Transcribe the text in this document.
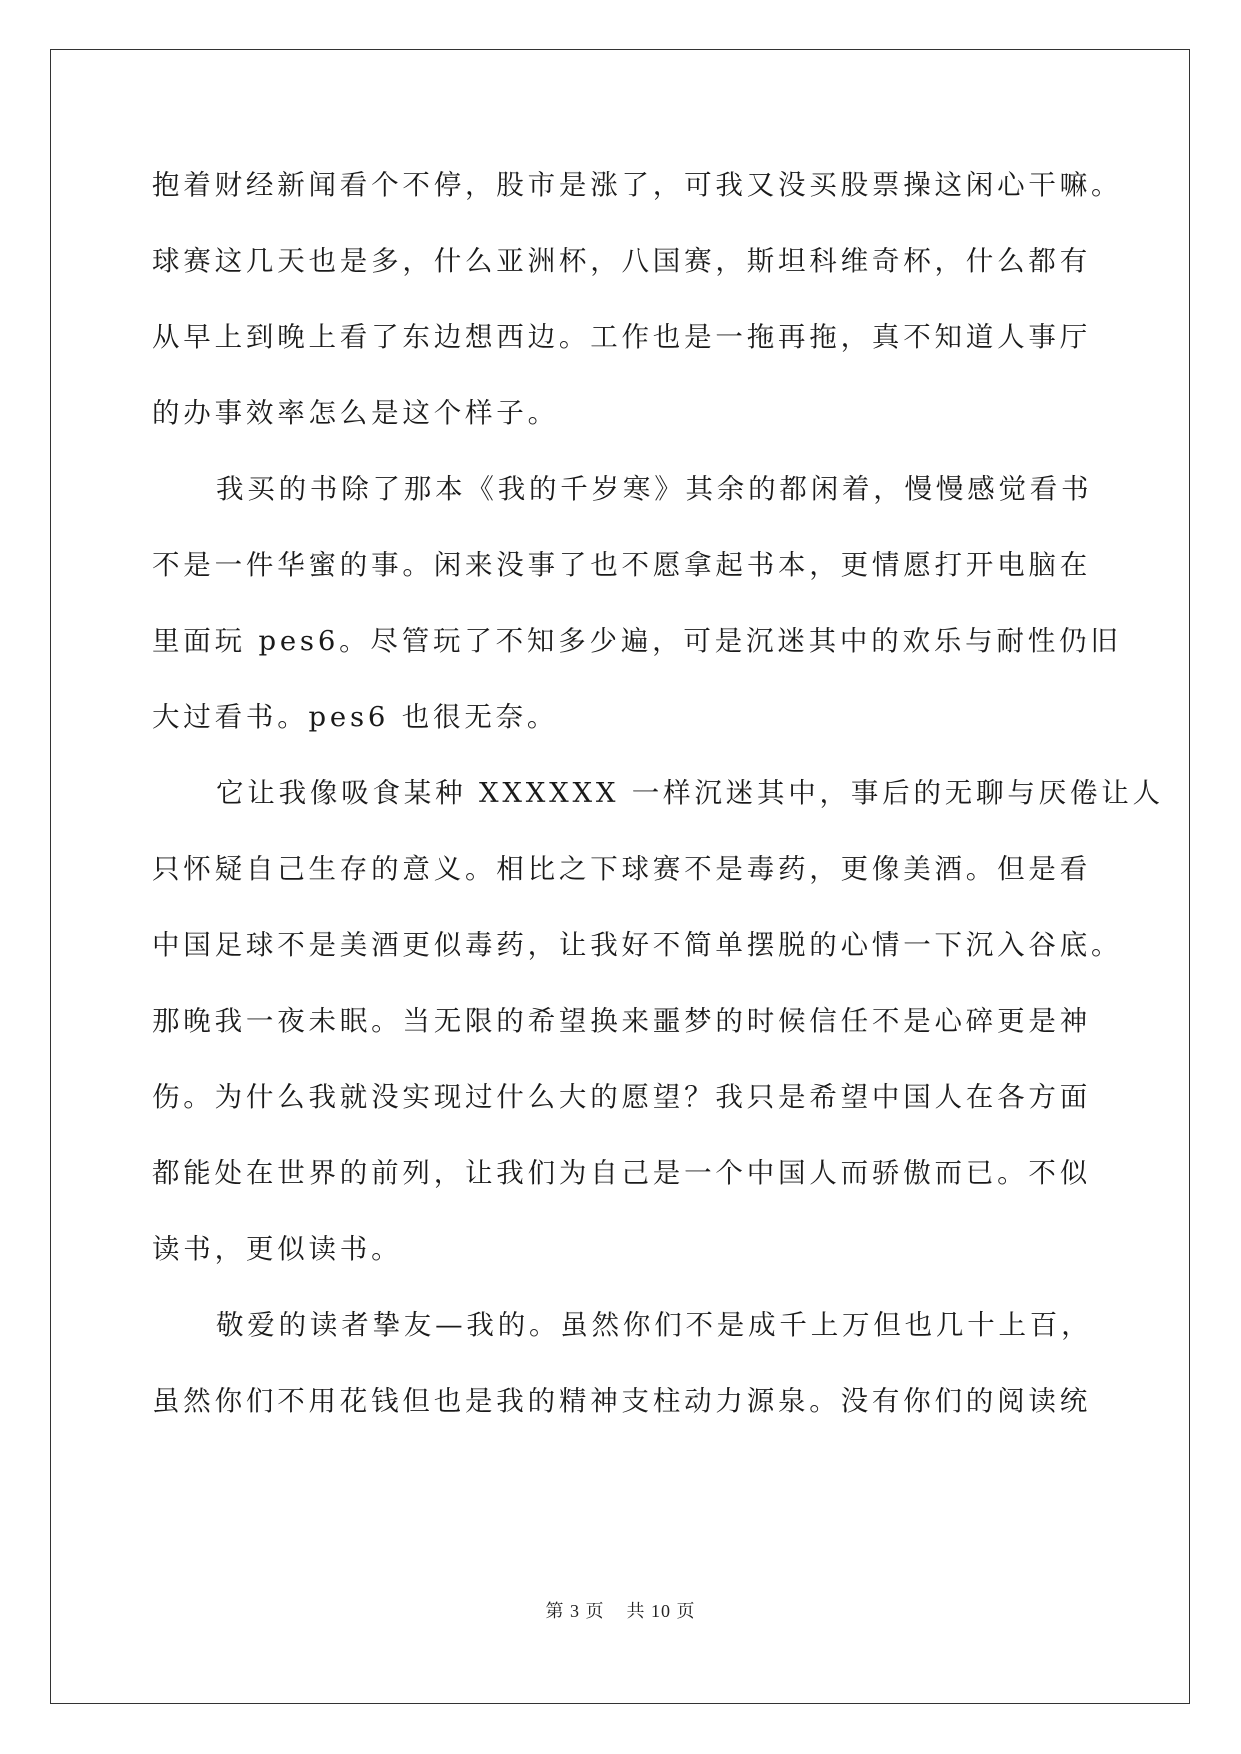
抱着财经新闻看个不停，股市是涨了，可我又没买股票操这闲心干嘛。
球赛这几天也是多，什么亚洲杯，八国赛，斯坦科维奇杯，什么都有
从早上到晚上看了东边想西边。工作也是一拖再拖，真不知道人事厅
的办事效率怎么是这个样子。
我买的书除了那本《我的千岁寒》其余的都闲着，慢慢感觉看书
不是一件华蜜的事。闲来没事了也不愿拿起书本，更情愿打开电脑在
里面玩 pes6。尽管玩了不知多少遍，可是沉迷其中的欢乐与耐性仍旧
大过看书。pes6 也很无奈。
它让我像吸食某种 XXXXXX 一样沉迷其中，事后的无聊与厌倦让人
只怀疑自己生存的意义。相比之下球赛不是毒药，更像美酒。但是看
中国足球不是美酒更似毒药，让我好不简单摆脱的心情一下沉入谷底。
那晚我一夜未眠。当无限的希望换来噩梦的时候信任不是心碎更是神
伤。为什么我就没实现过什么大的愿望？我只是希望中国人在各方面
都能处在世界的前列，让我们为自己是一个中国人而骄傲而已。不似
读书，更似读书。
敬爱的读者挚友—我的。虽然你们不是成千上万但也几十上百，
虽然你们不用花钱但也是我的精神支柱动力源泉。没有你们的阅读统
第 3 页 共 10 页
